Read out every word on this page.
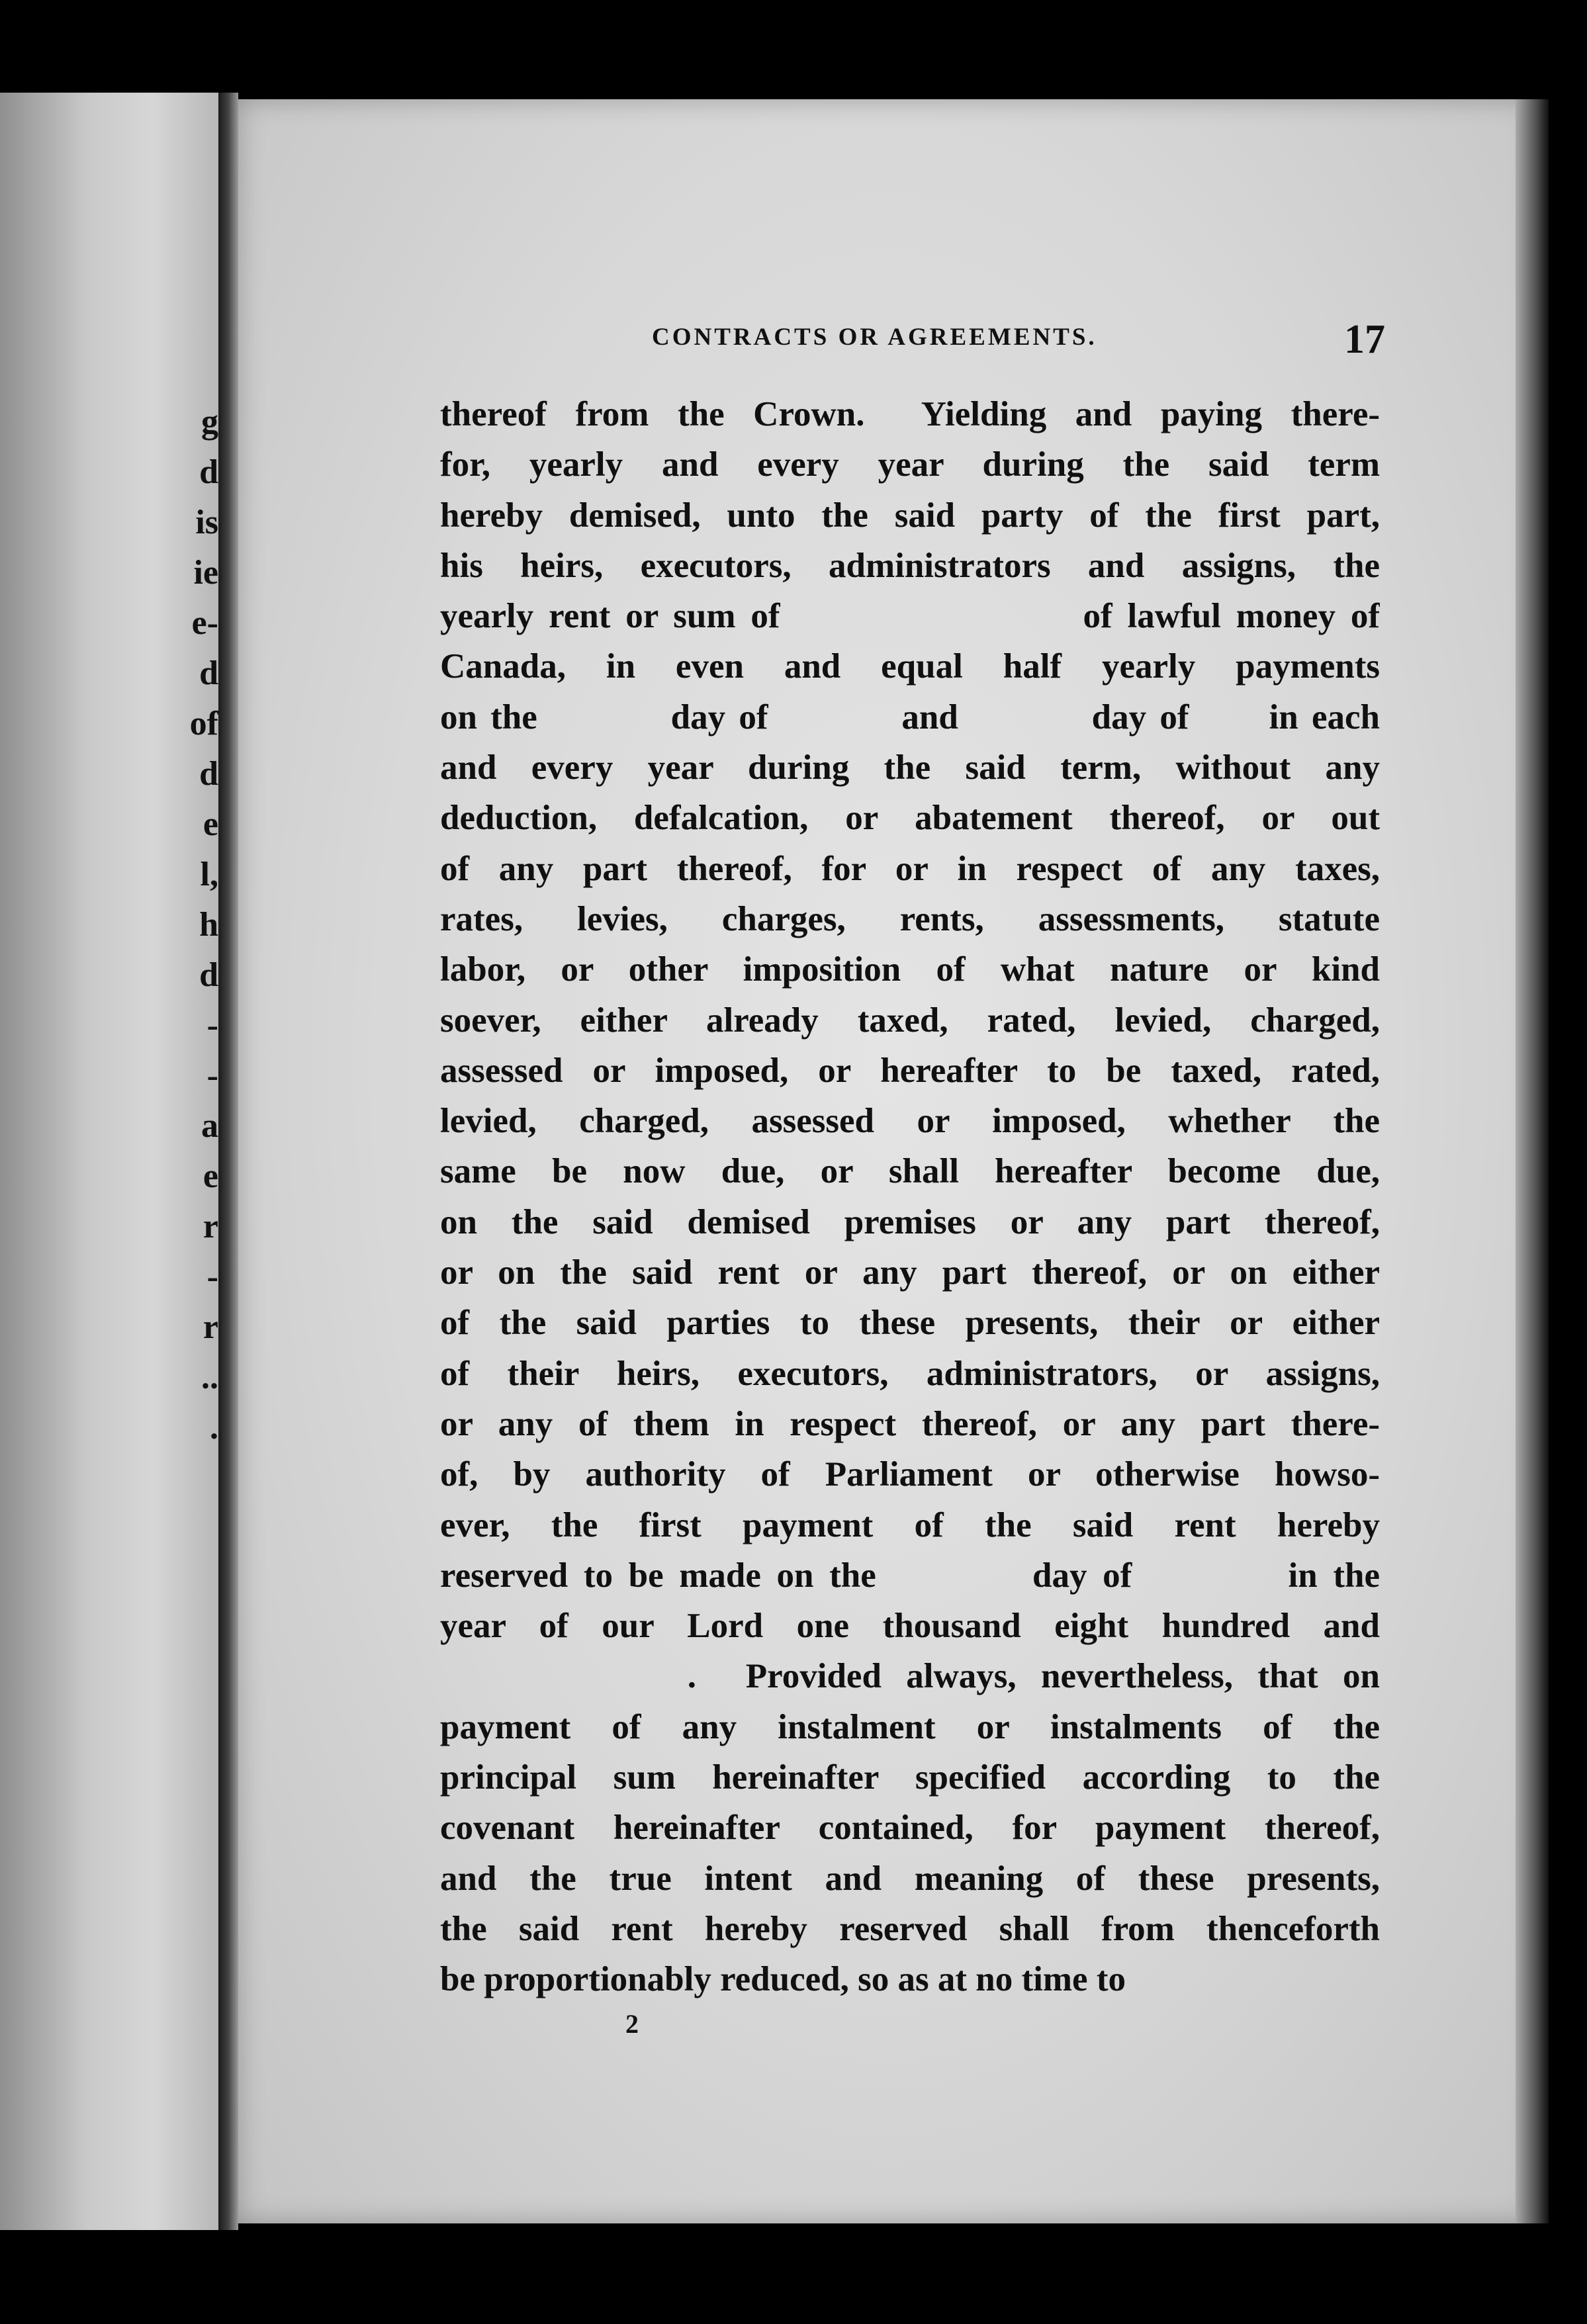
g
d
is
ie
e-
d
of
d
e
l,
h
d
-
-
a
e
r
-
r
..
.
CONTRACTS OR AGREEMENTS.	17
thereof from the Crown.  Yielding and paying there-
for, yearly and every year during the said term
hereby demised, unto the said party of the first part,
his heirs, executors, administrators and assigns, the
yearly rent or sum of                    of lawful money of
Canada, in even and equal half yearly payments
on the          day of          and          day of      in each
and every year during the said term, without any
deduction, defalcation, or abatement thereof, or out
of any part thereof, for or in respect of any taxes,
rates, levies, charges, rents, assessments, statute
labor, or other imposition of what nature or kind
soever, either already taxed, rated, levied, charged,
assessed or imposed, or hereafter to be taxed, rated,
levied, charged, assessed or imposed, whether the
same be now due, or shall hereafter become due,
on the said demised premises or any part thereof,
or on the said rent or any part thereof, or on either
of the said parties to these presents, their or either
of their heirs, executors, administrators, or assigns,
or any of them in respect thereof, or any part there-
of, by authority of Parliament or otherwise howso-
ever, the first payment of the said rent hereby
reserved to be made on the          day of          in the
year of our Lord one thousand eight hundred and
.  Provided always, nevertheless, that on
payment of any instalment or instalments of the
principal sum hereinafter specified according to the
covenant hereinafter contained, for payment thereof,
and the true intent and meaning of these presents,
the said rent hereby reserved shall from thenceforth
be proportionably reduced, so as at no time to
2
